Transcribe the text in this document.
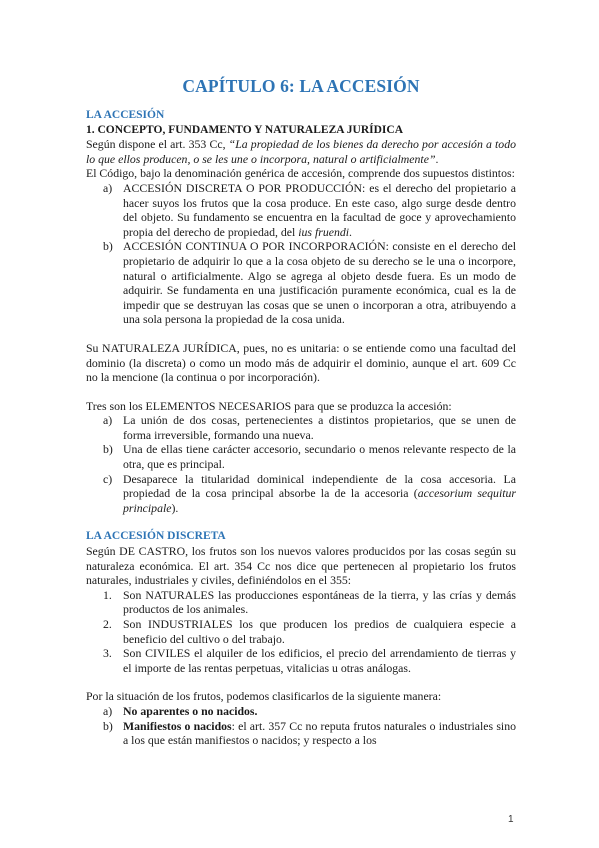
CAPÍTULO 6: LA ACCESIÓN
LA ACCESIÓN
1. CONCEPTO, FUNDAMENTO Y NATURALEZA JURÍDICA

Según dispone el art. 353 Cc, “La propiedad de los bienes da derecho por accesión a todo lo que ellos producen, o se les une o incorpora, natural o artificialmente”.

El Código, bajo la denominación genérica de accesión, comprende dos supuestos distintos:

a) ACCESIÓN DISCRETA O POR PRODUCCIÓN: es el derecho del propietario a hacer suyos los frutos que la cosa produce. En este caso, algo surge desde dentro del objeto. Su fundamento se encuentra en la facultad de goce y aprovechamiento propia del derecho de propiedad, del ius fruendi.
b) ACCESIÓN CONTINUA O POR INCORPORACIÓN: consiste en el derecho del propietario de adquirir lo que a la cosa objeto de su derecho se le una o incorpore, natural o artificialmente. Algo se agrega al objeto desde fuera. Es un modo de adquirir. Se fundamenta en una justificación puramente económica, cual es la de impedir que se destruyan las cosas que se unen o incorporan a otra, atribuyendo a una sola persona la propiedad de la cosa unida.

Su NATURALEZA JURÍDICA, pues, no es unitaria: o se entiende como una facultad del dominio (la discreta) o como un modo más de adquirir el dominio, aunque el art. 609 Cc no la mencione (la continua o por incorporación).

Tres son los ELEMENTOS NECESARIOS para que se produzca la accesión:

a) La unión de dos cosas, pertenecientes a distintos propietarios, que se unen de forma irreversible, formando una nueva.
b) Una de ellas tiene carácter accesorio, secundario o menos relevante respecto de la otra, que es principal.
c) Desaparece la titularidad dominical independiente de la cosa accesoria. La propiedad de la cosa principal absorbe la de la accesoria (accesorium sequitur principale).
LA ACCESIÓN DISCRETA

Según DE CASTRO, los frutos son los nuevos valores producidos por las cosas según su naturaleza económica. El art. 354 Cc nos dice que pertenecen al propietario los frutos naturales, industriales y civiles, definiéndolos en el 355:

1. Son NATURALES las producciones espontáneas de la tierra, y las crías y demás productos de los animales.
2. Son INDUSTRIALES los que producen los predios de cualquiera especie a beneficio del cultivo o del trabajo.
3. Son CIVILES el alquiler de los edificios, el precio del arrendamiento de tierras y el importe de las rentas perpetuas, vitalicias u otras análogas.

Por la situación de los frutos, podemos clasificarlos de la siguiente manera:

a) No aparentes o no nacidos.
b) Manifiestos o nacidos: el art. 357 Cc no reputa frutos naturales o industriales sino a los que están manifiestos o nacidos; y respecto a los
1
